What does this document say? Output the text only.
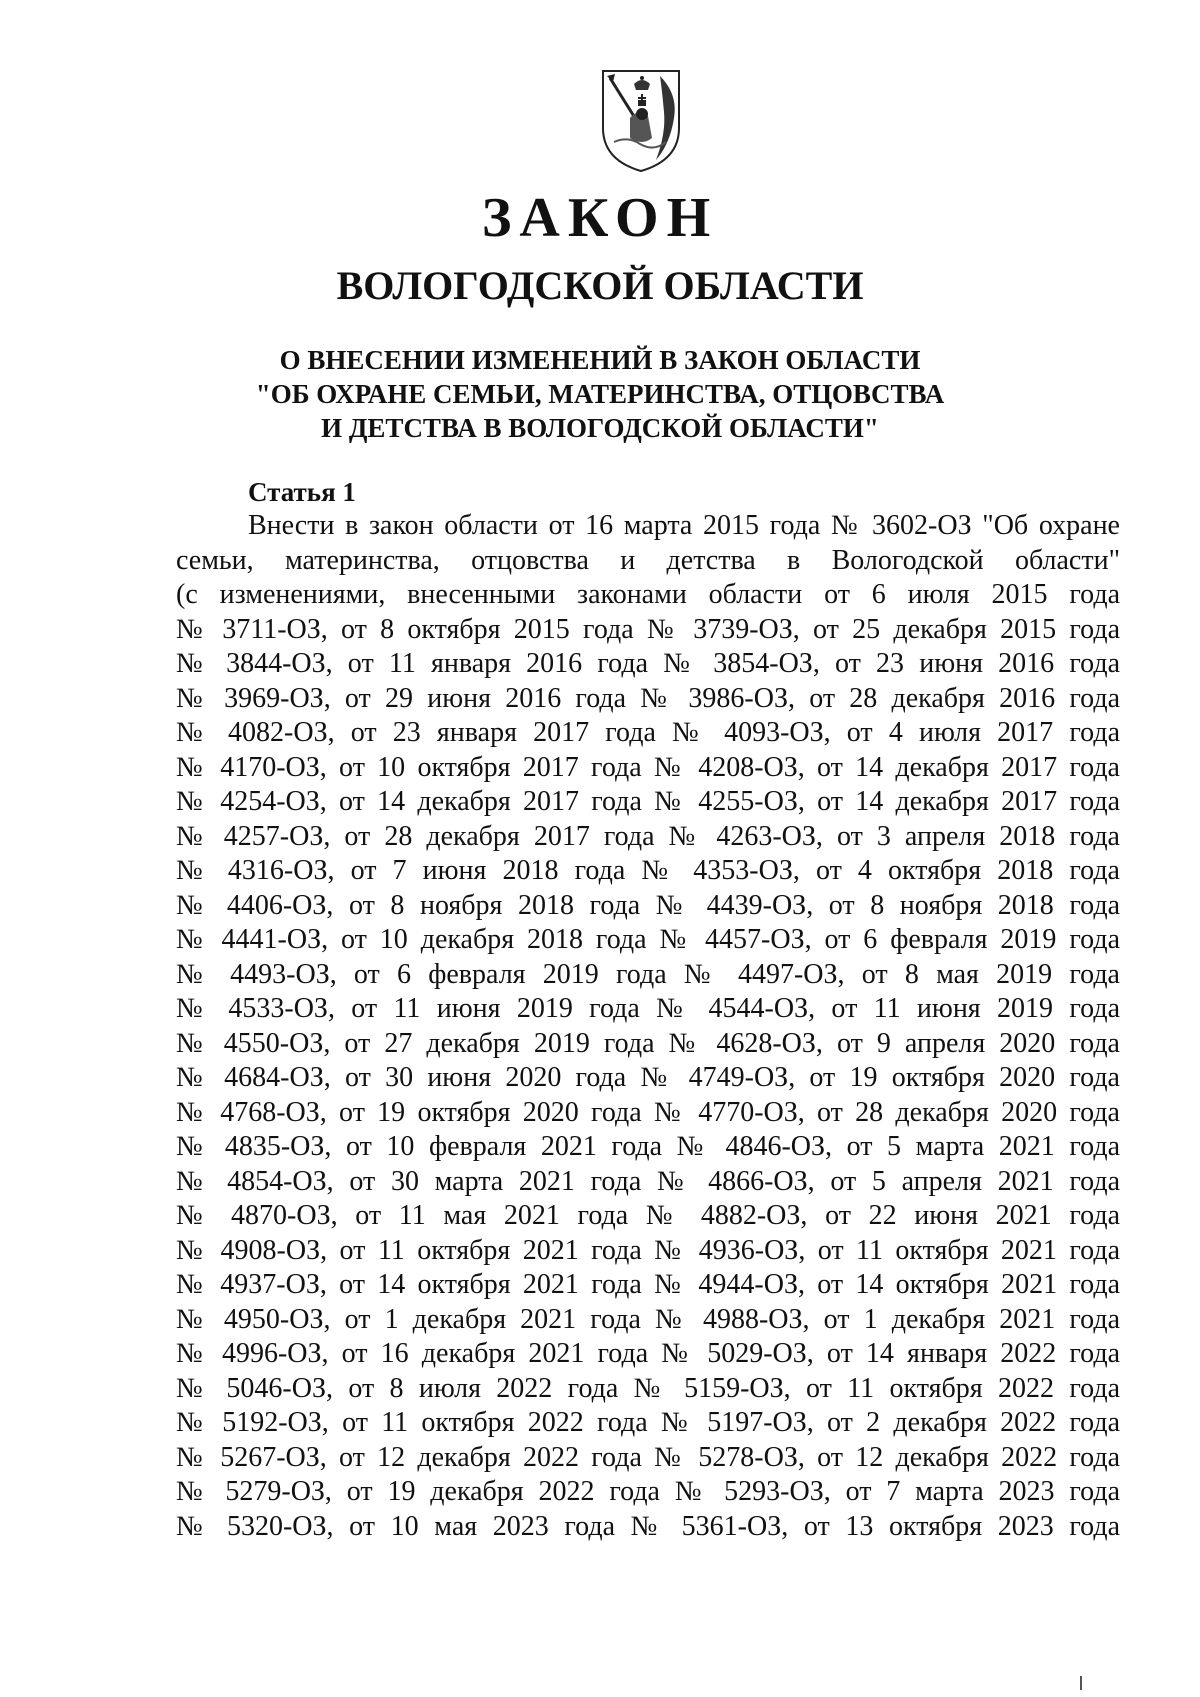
ЗАКОН
ВОЛОГОДСКОЙ ОБЛАСТИ
О ВНЕСЕНИИ ИЗМЕНЕНИЙ В ЗАКОН ОБЛАСТИ
"ОБ ОХРАНЕ СЕМЬИ, МАТЕРИНСТВА, ОТЦОВСТВА
И ДЕТСТВА В ВОЛОГОДСКОЙ ОБЛАСТИ"
Статья 1
Внести в закон области от 16 марта 2015 года № 3602-ОЗ "Об охране
семьи, материнства, отцовства и детства в Вологодской области"
(с изменениями, внесенными законами области от 6 июля 2015 года
№ 3711-ОЗ, от 8 октября 2015 года № 3739-ОЗ, от 25 декабря 2015 года
№ 3844-ОЗ, от 11 января 2016 года № 3854-ОЗ, от 23 июня 2016 года
№ 3969-ОЗ, от 29 июня 2016 года № 3986-ОЗ, от 28 декабря 2016 года
№ 4082-ОЗ, от 23 января 2017 года № 4093-ОЗ, от 4 июля 2017 года
№ 4170-ОЗ, от 10 октября 2017 года № 4208-ОЗ, от 14 декабря 2017 года
№ 4254-ОЗ, от 14 декабря 2017 года № 4255-ОЗ, от 14 декабря 2017 года
№ 4257-ОЗ, от 28 декабря 2017 года № 4263-ОЗ, от 3 апреля 2018 года
№ 4316-ОЗ, от 7 июня 2018 года № 4353-ОЗ, от 4 октября 2018 года
№ 4406-ОЗ, от 8 ноября 2018 года № 4439-ОЗ, от 8 ноября 2018 года
№ 4441-ОЗ, от 10 декабря 2018 года № 4457-ОЗ, от 6 февраля 2019 года
№ 4493-ОЗ, от 6 февраля 2019 года № 4497-ОЗ, от 8 мая 2019 года
№ 4533-ОЗ, от 11 июня 2019 года № 4544-ОЗ, от 11 июня 2019 года
№ 4550-ОЗ, от 27 декабря 2019 года № 4628-ОЗ, от 9 апреля 2020 года
№ 4684-ОЗ, от 30 июня 2020 года № 4749-ОЗ, от 19 октября 2020 года
№ 4768-ОЗ, от 19 октября 2020 года № 4770-ОЗ, от 28 декабря 2020 года
№ 4835-ОЗ, от 10 февраля 2021 года № 4846-ОЗ, от 5 марта 2021 года
№ 4854-ОЗ, от 30 марта 2021 года № 4866-ОЗ, от 5 апреля 2021 года
№ 4870-ОЗ, от 11 мая 2021 года № 4882-ОЗ, от 22 июня 2021 года
№ 4908-ОЗ, от 11 октября 2021 года № 4936-ОЗ, от 11 октября 2021 года
№ 4937-ОЗ, от 14 октября 2021 года № 4944-ОЗ, от 14 октября 2021 года
№ 4950-ОЗ, от 1 декабря 2021 года № 4988-ОЗ, от 1 декабря 2021 года
№ 4996-ОЗ, от 16 декабря 2021 года № 5029-ОЗ, от 14 января 2022 года
№ 5046-ОЗ, от 8 июля 2022 года № 5159-ОЗ, от 11 октября 2022 года
№ 5192-ОЗ, от 11 октября 2022 года № 5197-ОЗ, от 2 декабря 2022 года
№ 5267-ОЗ, от 12 декабря 2022 года № 5278-ОЗ, от 12 декабря 2022 года
№ 5279-ОЗ, от 19 декабря 2022 года № 5293-ОЗ, от 7 марта 2023 года
№ 5320-ОЗ, от 10 мая 2023 года № 5361-ОЗ, от 13 октября 2023 года
